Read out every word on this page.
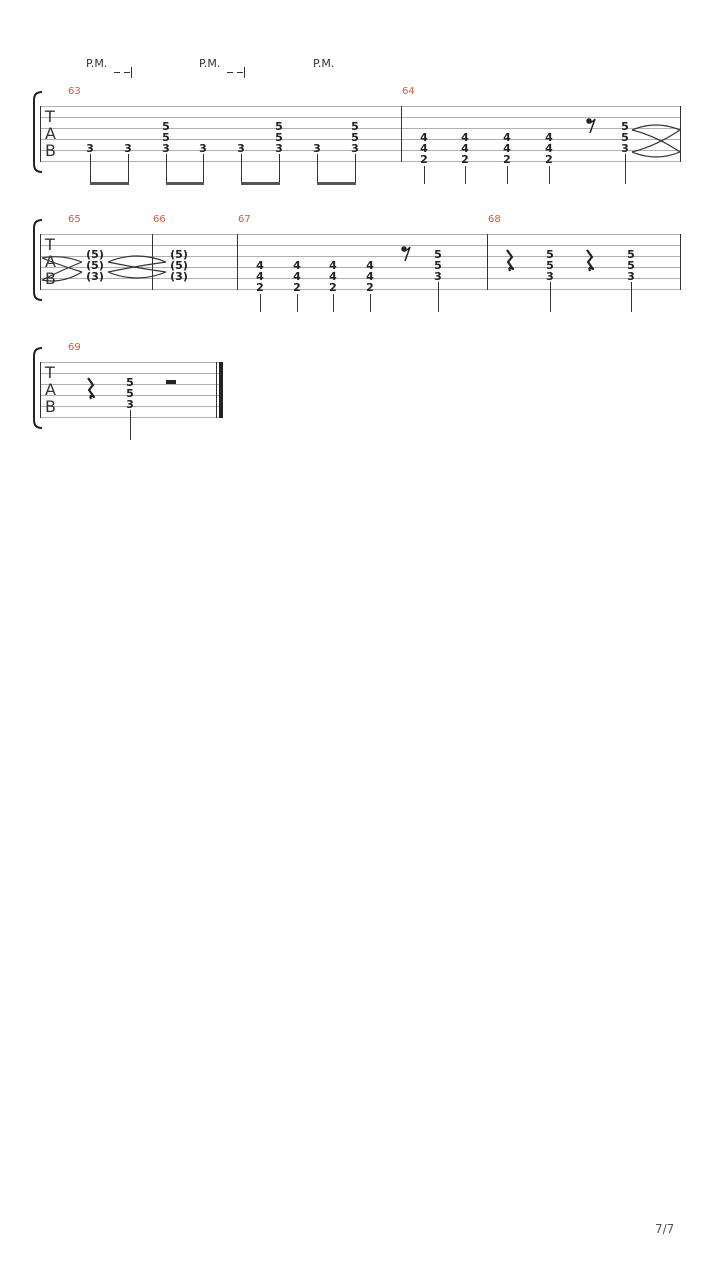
T
A
B
63	64
P.M.	P.M.	P.M.
3	3
5
5
3	3	3
5
5
3	3
5
5
3
4
4
2
4
4
2
4
4
2
4
4
2
5
5
3
T
A
B
65	66	67	68
(5)
(5)
(3)
(5)
(5)
(3)
4
4
2
4
4
2
4
4
2
4
4
2
5
5
3
5
5
3
5
5
3
T
A
B
69
5
5
3
7/7
